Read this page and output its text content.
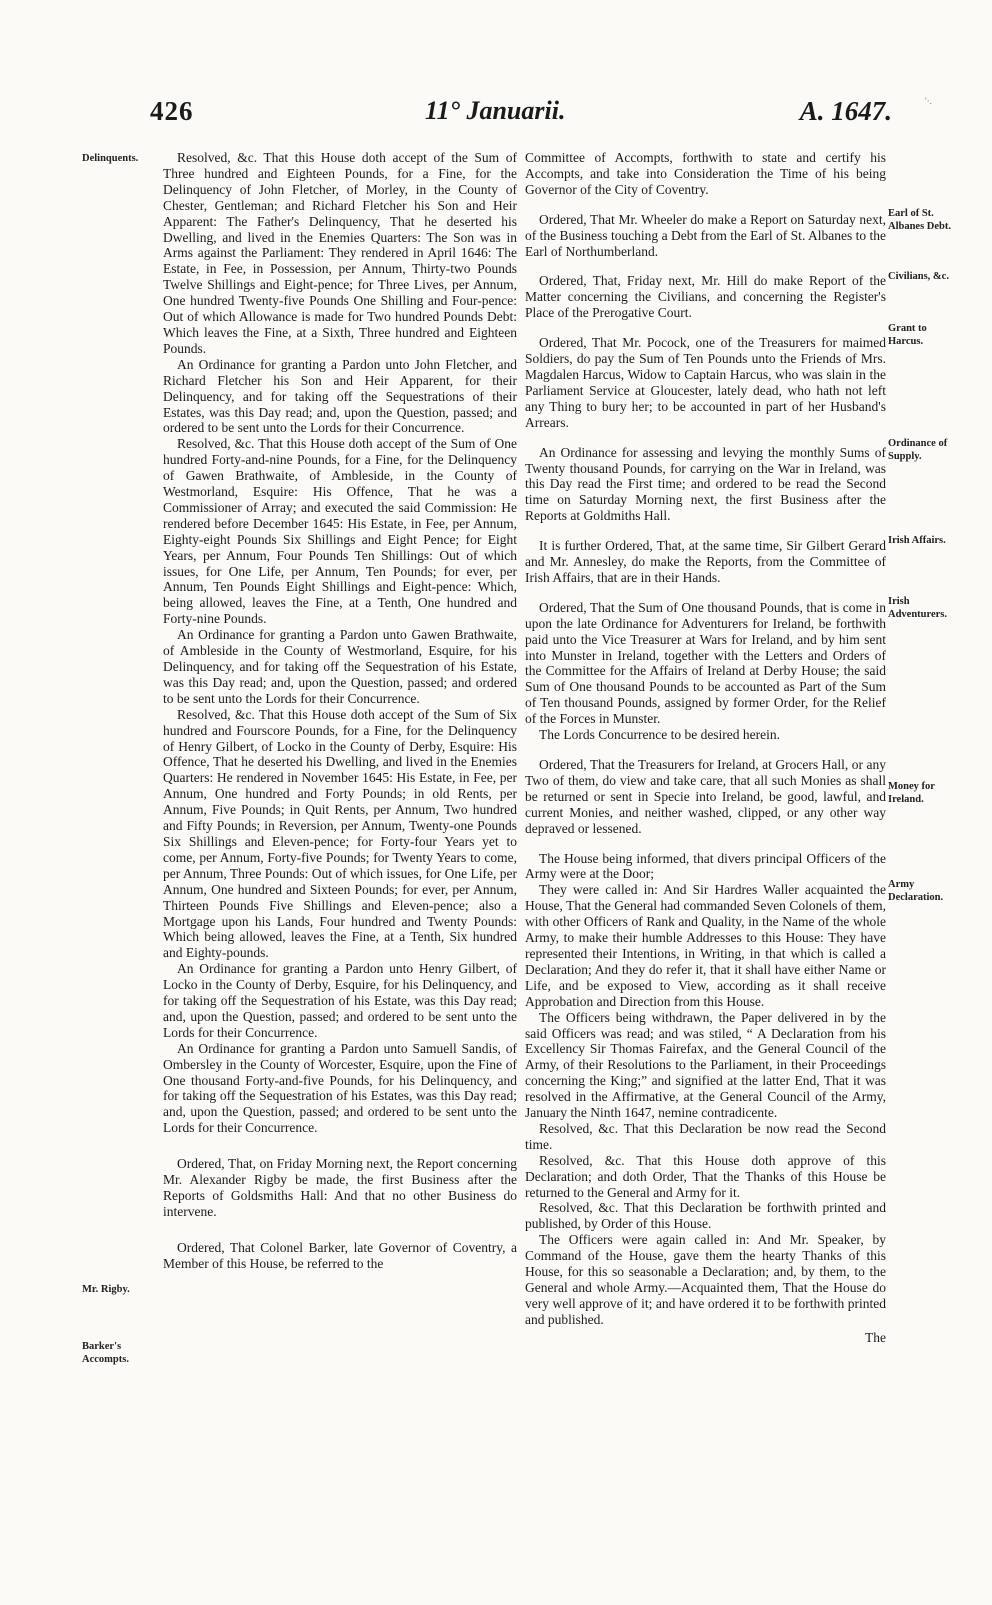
426	11° Januarii.	A. 1647.	'·.
Delinquents.
Mr. Rigby.
Barker's Accompts.
Earl of St. Albanes Debt.
Civilians, &c.
Grant to Harcus.
Ordinance of Supply.
Irish Affairs.
Irish Adventurers.
Money for Ireland.
Army Declaration.

Resolved, &c. That this House doth accept of the Sum of Three hundred and Eighteen Pounds, for a Fine, for the Delinquency of John Fletcher, of Morley, in the County of Chester, Gentleman; and Richard Fletcher his Son and Heir Apparent: The Father's Delinquency, That he deserted his Dwelling, and lived in the Enemies Quarters: The Son was in Arms against the Parliament: They rendered in April 1646: The Estate, in Fee, in Possession, per Annum, Thirty-two Pounds Twelve Shillings and Eight-pence; for Three Lives, per Annum, One hundred Twenty-five Pounds One Shilling and Four-pence: Out of which Allowance is made for Two hundred Pounds Debt: Which leaves the Fine, at a Sixth, Three hundred and Eighteen Pounds.

An Ordinance for granting a Pardon unto John Fletcher, and Richard Fletcher his Son and Heir Apparent, for their Delinquency, and for taking off the Sequestrations of their Estates, was this Day read; and, upon the Question, passed; and ordered to be sent unto the Lords for their Concurrence.

Resolved, &c. That this House doth accept of the Sum of One hundred Forty-and-nine Pounds, for a Fine, for the Delinquency of Gawen Brathwaite, of Ambleside, in the County of Westmorland, Esquire: His Offence, That he was a Commissioner of Array; and executed the said Commission: He rendered before December 1645: His Estate, in Fee, per Annum, Eighty-eight Pounds Six Shillings and Eight Pence; for Eight Years, per Annum, Four Pounds Ten Shillings: Out of which issues, for One Life, per Annum, Ten Pounds; for ever, per Annum, Ten Pounds Eight Shillings and Eight-pence: Which, being allowed, leaves the Fine, at a Tenth, One hundred and Forty-nine Pounds.

An Ordinance for granting a Pardon unto Gawen Brathwaite, of Ambleside in the County of Westmorland, Esquire, for his Delinquency, and for taking off the Sequestration of his Estate, was this Day read; and, upon the Question, passed; and ordered to be sent unto the Lords for their Concurrence.

Resolved, &c. That this House doth accept of the Sum of Six hundred and Fourscore Pounds, for a Fine, for the Delinquency of Henry Gilbert, of Locko in the County of Derby, Esquire: His Offence, That he deserted his Dwelling, and lived in the Enemies Quarters: He rendered in November 1645: His Estate, in Fee, per Annum, One hundred and Forty Pounds; in old Rents, per Annum, Five Pounds; in Quit Rents, per Annum, Two hundred and Fifty Pounds; in Reversion, per Annum, Twenty-one Pounds Six Shillings and Eleven-pence; for Forty-four Years yet to come, per Annum, Forty-five Pounds; for Twenty Years to come, per Annum, Three Pounds: Out of which issues, for One Life, per Annum, One hundred and Sixteen Pounds; for ever, per Annum, Thirteen Pounds Five Shillings and Eleven-pence; also a Mortgage upon his Lands, Four hundred and Twenty Pounds: Which being allowed, leaves the Fine, at a Tenth, Six hundred and Eighty-pounds.

An Ordinance for granting a Pardon unto Henry Gilbert, of Locko in the County of Derby, Esquire, for his Delinquency, and for taking off the Sequestration of his Estate, was this Day read; and, upon the Question, passed; and ordered to be sent unto the Lords for their Concurrence.

An Ordinance for granting a Pardon unto Samuell Sandis, of Ombersley in the County of Worcester, Esquire, upon the Fine of One thousand Forty-and-five Pounds, for his Delinquency, and for taking off the Sequestration of his Estates, was this Day read; and, upon the Question, passed; and ordered to be sent unto the Lords for their Concurrence.

Ordered, That, on Friday Morning next, the Report concerning Mr. Alexander Rigby be made, the first Business after the Reports of Goldsmiths Hall: And that no other Business do intervene.

Ordered, That Colonel Barker, late Governor of Coventry, a Member of this House, be referred to the

Committee of Accompts, forthwith to state and certify his Accompts, and take into Consideration the Time of his being Governor of the City of Coventry.

Ordered, That Mr. Wheeler do make a Report on Saturday next, of the Business touching a Debt from the Earl of St. Albanes to the Earl of Northumberland.

Ordered, That, Friday next, Mr. Hill do make Report of the Matter concerning the Civilians, and concerning the Register's Place of the Prerogative Court.

Ordered, That Mr. Pocock, one of the Treasurers for maimed Soldiers, do pay the Sum of Ten Pounds unto the Friends of Mrs. Magdalen Harcus, Widow to Captain Harcus, who was slain in the Parliament Service at Gloucester, lately dead, who hath not left any Thing to bury her; to be accounted in part of her Husband's Arrears.

An Ordinance for assessing and levying the monthly Sums of Twenty thousand Pounds, for carrying on the War in Ireland, was this Day read the First time; and ordered to be read the Second time on Saturday Morning next, the first Business after the Reports at Goldmiths Hall.

It is further Ordered, That, at the same time, Sir Gilbert Gerard and Mr. Annesley, do make the Reports, from the Committee of Irish Affairs, that are in their Hands.

Ordered, That the Sum of One thousand Pounds, that is come in upon the late Ordinance for Adventurers for Ireland, be forthwith paid unto the Vice Treasurer at Wars for Ireland, and by him sent into Munster in Ireland, together with the Letters and Orders of the Committee for the Affairs of Ireland at Derby House; the said Sum of One thousand Pounds to be accounted as Part of the Sum of Ten thousand Pounds, assigned by former Order, for the Relief of the Forces in Munster.

The Lords Concurrence to be desired herein.

Ordered, That the Treasurers for Ireland, at Grocers Hall, or any Two of them, do view and take care, that all such Monies as shall be returned or sent in Specie into Ireland, be good, lawful, and current Monies, and neither washed, clipped, or any other way depraved or lessened.

The House being informed, that divers principal Officers of the Army were at the Door;

They were called in: And Sir Hardres Waller acquainted the House, That the General had commanded Seven Colonels of them, with other Officers of Rank and Quality, in the Name of the whole Army, to make their humble Addresses to this House: They have represented their Intentions, in Writing, in that which is called a Declaration; And they do refer it, that it shall have either Name or Life, and be exposed to View, according as it shall receive Approbation and Direction from this House.

The Officers being withdrawn, the Paper delivered in by the said Officers was read; and was stiled, “ A Declaration from his Excellency Sir Thomas Fairefax, and the General Council of the Army, of their Resolutions to the Parliament, in their Proceedings concerning the King;” and signified at the latter End, That it was resolved in the Affirmative, at the General Council of the Army, January the Ninth 1647, nemine contradicente.

Resolved, &c. That this Declaration be now read the Second time.

Resolved, &c. That this House doth approve of this Declaration; and doth Order, That the Thanks of this House be returned to the General and Army for it.

Resolved, &c. That this Declaration be forthwith printed and published, by Order of this House.

The Officers were again called in: And Mr. Speaker, by Command of the House, gave them the hearty Thanks of this House, for this so seasonable a Declaration; and, by them, to the General and whole Army.—Acquainted them, That the House do very well approve of it; and have ordered it to be forthwith printed and published.

The
